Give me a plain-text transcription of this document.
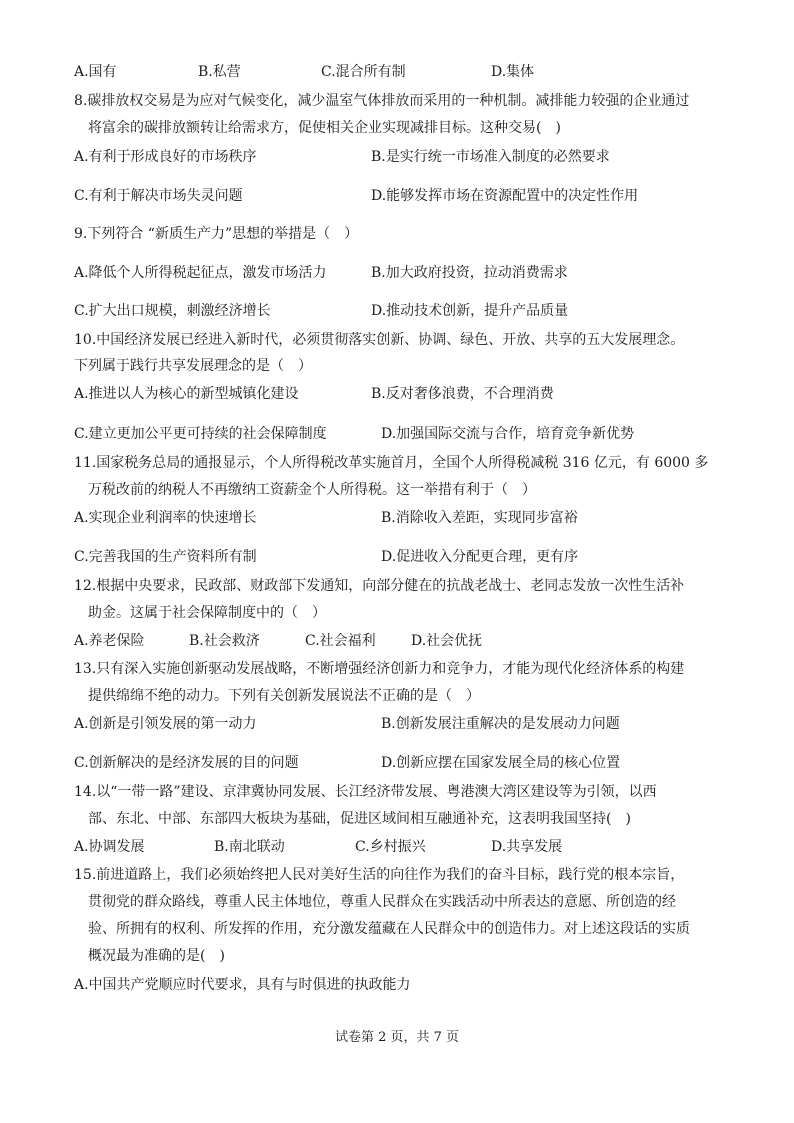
A.国有	B.私营	C.混合所有制	D.集体
8.碳排放权交易是为应对气候变化，减少温室气体排放而采用的一种机制。减排能力较强的企业通过
将富余的碳排放额转让给需求方，促使相关企业实现减排目标。这种交易(　)
A.有利于形成良好的市场秩序	B.是实行统一市场准入制度的必然要求
C.有利于解决市场失灵问题	D.能够发挥市场在资源配置中的决定性作用
9.下列符合 “新质生产力”思想的举措是（　）
A.降低个人所得税起征点，激发市场活力	B.加大政府投资，拉动消费需求
C.扩大出口规模，刺激经济增长	D.推动技术创新，提升产品质量
10.中国经济发展已经进入新时代，必须贯彻落实创新、协调、绿色、开放、共享的五大发展理念。
下列属于践行共享发展理念的是（　）
A.推进以人为核心的新型城镇化建设	B.反对奢侈浪费，不合理消费
C.建立更加公平更可持续的社会保障制度	D.加强国际交流与合作，培育竞争新优势
11.国家税务总局的通报显示，个人所得税改革实施首月，全国个人所得税减税 316 亿元，有 6000 多
万税改前的纳税人不再缴纳工资薪金个人所得税。这一举措有利于（　）
A.实现企业利润率的快速增长	B.消除收入差距，实现同步富裕
C.完善我国的生产资料所有制	D.促进收入分配更合理，更有序
12.根据中央要求，民政部、财政部下发通知，向部分健在的抗战老战士、老同志发放一次性生活补
助金。这属于社会保障制度中的（　）
A.养老保险	B.社会救济	C.社会福利	D.社会优抚
13.只有深入实施创新驱动发展战略，不断增强经济创新力和竞争力，才能为现代化经济体系的构建
提供绵绵不绝的动力。下列有关创新发展说法不正确的是（　）
A.创新是引领发展的第一动力	B.创新发展注重解决的是发展动力问题
C.创新解决的是经济发展的目的问题	D.创新应摆在国家发展全局的核心位置
14.以“一带一路”建设、京津冀协同发展、长江经济带发展、粤港澳大湾区建设等为引领，以西
部、东北、中部、东部四大板块为基础，促进区域间相互融通补充，这表明我国坚持(　)
A.协调发展	B.南北联动	C.乡村振兴	D.共享发展
15.前进道路上，我们必须始终把人民对美好生活的向往作为我们的奋斗目标，践行党的根本宗旨，
贯彻党的群众路线，尊重人民主体地位，尊重人民群众在实践活动中所表达的意愿、所创造的经
验、所拥有的权利、所发挥的作用，充分激发蕴藏在人民群众中的创造伟力。对上述这段话的实质
概况最为准确的是(　)
A.中国共产党顺应时代要求，具有与时俱进的执政能力
试卷第 2 页，共 7 页
